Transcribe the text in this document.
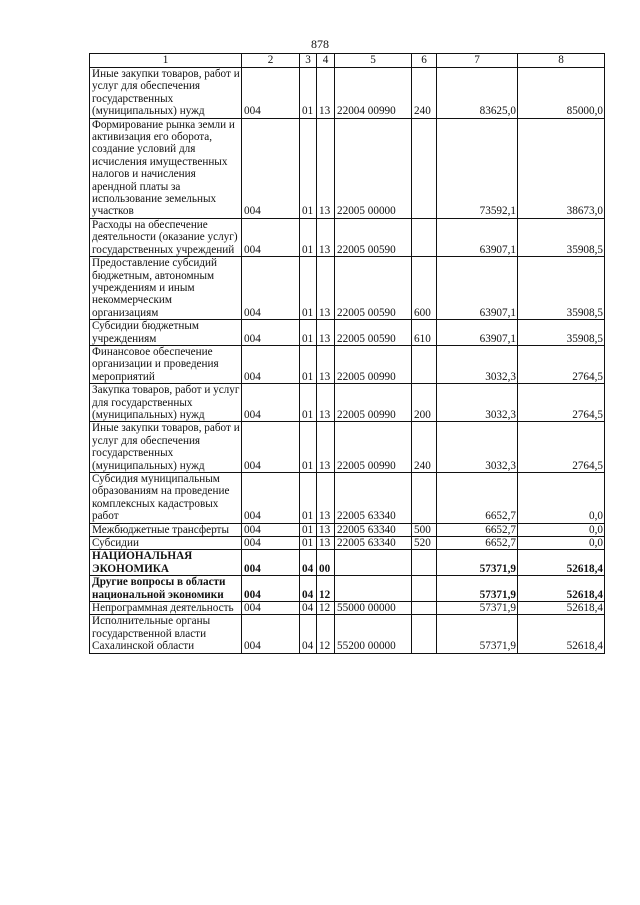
878
1	2	3	4	5	6	7	8
Иные закупки товаров, работ и услуг для обеспечения государственных (муниципальных) нужд	004	01	13	22004 00990	240	83625,0	85000,0
Формирование рынка земли и активизация его оборота, создание условий для исчисления имущественных налогов и начисления арендной платы за использование земельных участков	004	01	13	22005 00000		73592,1	38673,0
Расходы на обеспечение деятельности (оказание услуг) государственных учреждений	004	01	13	22005 00590		63907,1	35908,5
Предоставление субсидий бюджетным, автономным учреждениям и иным некоммерческим организациям	004	01	13	22005 00590	600	63907,1	35908,5
Субсидии бюджетным учреждениям	004	01	13	22005 00590	610	63907,1	35908,5
Финансовое обеспечение организации и проведения мероприятий	004	01	13	22005 00990		3032,3	2764,5
Закупка товаров, работ и услуг для государственных (муниципальных) нужд	004	01	13	22005 00990	200	3032,3	2764,5
Иные закупки товаров, работ и услуг для обеспечения государственных (муниципальных) нужд	004	01	13	22005 00990	240	3032,3	2764,5
Субсидия муниципальным образованиям на проведение комплексных кадастровых работ	004	01	13	22005 63340		6652,7	0,0
Межбюджетные трансферты	004	01	13	22005 63340	500	6652,7	0,0
Субсидии	004	01	13	22005 63340	520	6652,7	0,0
НАЦИОНАЛЬНАЯ ЭКОНОМИКА	004	04	00			57371,9	52618,4
Другие вопросы в области национальной экономики	004	04	12			57371,9	52618,4
Непрограммная деятельность	004	04	12	55000 00000		57371,9	52618,4
Исполнительные органы государственной власти Сахалинской области	004	04	12	55200 00000		57371,9	52618,4
